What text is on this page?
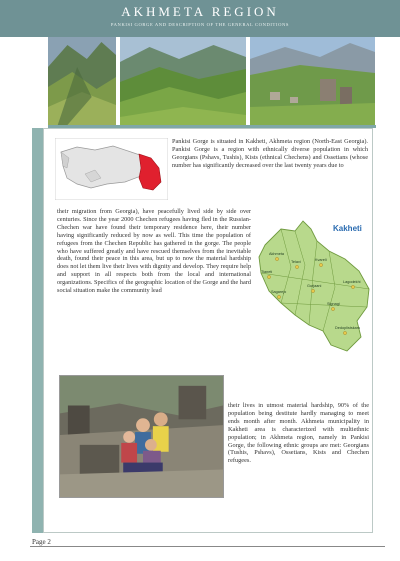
AKHMETA REGION
PANKISI GORGE AND DESCRIPTION OF THE GENERAL CONDITIONS
Kakheti
Akhmeta
Telavi	Kvareli
Lagodekhi
Gurjaani
Sagarejo
Signagi
Dedoplistskaro
Tianeti
Pankisi Gorge is situated in Kakheti, Akhmeta region (North-East Georgia). Pankisi Gorge is a region with ethnically diverse population in which Georgians (Pshavs, Tushis), Kists (ethnical Chechens) and Ossetians (whose number has significantly decreased over the last twenty years due to
their migration from Georgia), have peacefully lived side by side over centuries. Since the year 2000 Chechen refugees having fled in the Russian-Chechen war have found their temporary residence here, their number having significantly reduced by now as well. This time the population of refugees from the Chechen Republic has gathered in the gorge. The people who have suffered greatly and have rescued themselves from the inevitable death, found their peace in this area, but up to now the material hardship does not let them live their lives with dignity and develop. They require help and support in all respects both from the local and international organizations. Specifics of the geographic location of the Gorge and the hard social situation make the community lead
their lives in utmost material hardship, 90% of the population being destitute hardly managing to meet ends month after month. Akhmeta municipality in Kakheti area is characterized with multiethnic population; in Akhmeta region, namely in Pankisi Gorge, the following ethnic groups are met: Georgians (Tushis, Pshavs), Ossetians, Kists and Chechen refugees.
Page 2
